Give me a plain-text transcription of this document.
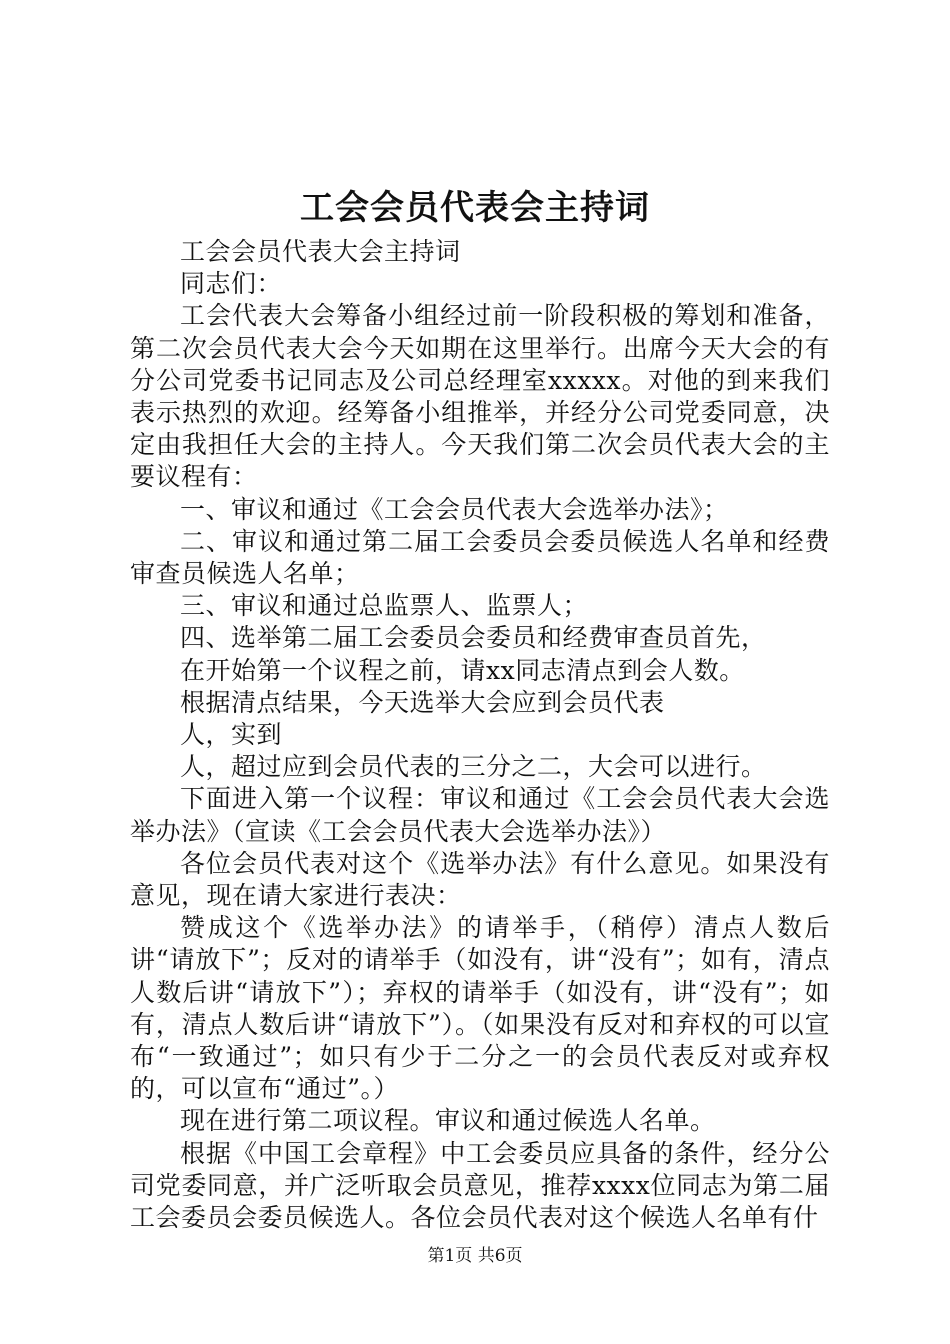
工会会员代表会主持词

工会会员代表大会主持词

同志们：

工会代表大会筹备小组经过前一阶段积极的筹划和准备，第二次会员代表大会今天如期在这里举行。出席今天大会的有分公司党委书记同志及公司总经理室xxxxx。对他的到来我们表示热烈的欢迎。经筹备小组推举，并经分公司党委同意，决定由我担任大会的主持人。今天我们第二次会员代表大会的主要议程有：

一、审议和通过《工会会员代表大会选举办法》；

二、审议和通过第二届工会委员会委员候选人名单和经费审查员候选人名单；

三、审议和通过总监票人、监票人；

四、选举第二届工会委员会委员和经费审查员首先，

在开始第一个议程之前，请xx同志清点到会人数。

根据清点结果，今天选举大会应到会员代表

人，实到

人，超过应到会员代表的三分之二，大会可以进行。

下面进入第一个议程：审议和通过《工会会员代表大会选举办法》（宣读《工会会员代表大会选举办法》）

各位会员代表对这个《选举办法》有什么意见。如果没有意见，现在请大家进行表决：

赞成这个《选举办法》的请举手，（稍停）清点人数后讲“请放下”；反对的请举手（如没有，讲“没有”；如有，清点人数后讲“请放下”）；弃权的请举手（如没有，讲“没有”；如有，清点人数后讲“请放下”）。（如果没有反对和弃权的可以宣布“一致通过”；如只有少于二分之一的会员代表反对或弃权的，可以宣布“通过”。）

现在进行第二项议程。审议和通过候选人名单。

根据《中国工会章程》中工会委员应具备的条件，经分公司党委同意，并广泛听取会员意见，推荐xxxx位同志为第二届工会委员会委员候选人。各位会员代表对这个候选人名单有什

第1页 共6页
